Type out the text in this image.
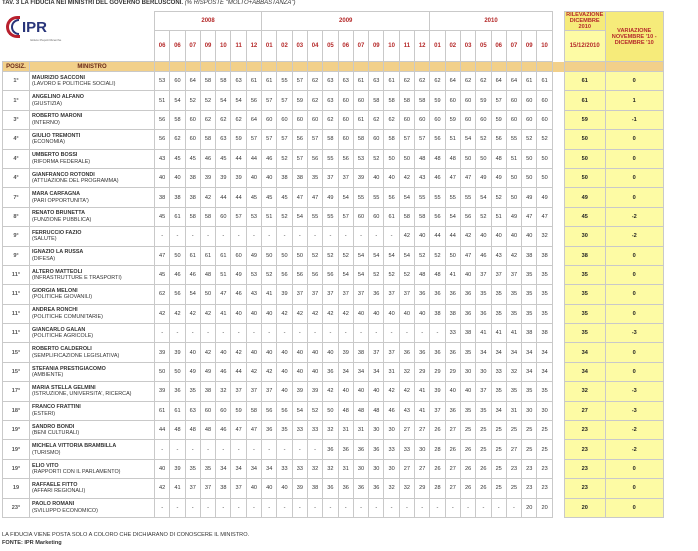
TAV. 3 LA FIDUCIA NEI MINISTRI DEL GOVERNO BERLUSCONI. (% RISPOSTE "MOLTO+ABBASTANZA")
		2008							2009											2010									RILEVAZIONE DICEMBRE 2010	VARIAZIONE NOVEMBRE '10 - DICEMBRE '10
		06	06	07	09	10	11	12	01	02	03	04	05	06	07	09	10	11	12	01	02	03	05	06	07	09	10		15/12/2010	
POSIZ.	MINISTRO																													
1°	MAURIZIO SACCONI
(LAVORO E POLITICHE SOCIALI)	53	60	64	58	58	63	61	61	55	57	62	63	63	61	63	61	62	62	62	64	62	62	64	64	61	61		61	0
1°	ANGELINO ALFANO
(GIUSTIZIA)	51	54	52	52	54	54	56	57	57	59	62	63	60	60	58	58	58	58	59	60	60	59	57	60	60	60		61	1
3°	ROBERTO MARONI
(INTERNO)	56	58	60	62	62	62	64	60	60	60	60	62	60	61	62	62	60	60	60	59	60	60	59	60	60	60		59	-1
4°	GIULIO TREMONTI
(ECONOMIA)	56	62	60	58	63	59	57	57	57	56	57	58	60	58	60	58	57	57	56	51	54	52	56	55	52	52		50	0
4°	UMBERTO BOSSI
(RIFORMA FEDERALE)	43	45	45	46	45	44	44	46	52	57	56	55	56	53	52	50	50	48	48	48	50	50	48	51	50	50		50	0
4°	GIANFRANCO ROTONDI
(ATTUAZIONE DEL PROGRAMMA)	40	40	38	39	39	39	40	40	38	38	35	37	37	39	40	40	42	43	46	47	47	49	49	50	50	50		50	0
7°	MARA CARFAGNA
(PARI OPPORTUNITA')	38	38	38	42	44	44	45	45	45	47	47	49	54	55	55	56	54	55	55	55	55	54	52	50	49	49		49	0
8°	RENATO BRUNETTA
(FUNZIONE PUBBLICA)	45	61	58	58	60	57	53	51	52	54	55	55	57	60	60	61	58	58	56	54	56	52	51	49	47	47		45	-2
9°	FERRUCCIO FAZIO
(SALUTE)	-	-	-	-	-	-	-	-	-	-	-	-	-	-	-	-	42	40	44	44	42	40	40	40	40	32		30	-2
9°	IGNAZIO LA RUSSA
(DIFESA)	47	50	61	61	61	60	49	50	50	50	52	52	52	54	54	54	54	52	52	50	47	46	43	42	38	38		38	0
11°	ALTERO MATTEOLI
(INFRASTRUTTURE E TRASPORTI)	45	46	46	48	51	49	53	52	56	56	56	56	54	54	52	52	52	48	48	41	40	37	37	37	35	35		35	0
11°	GIORGIA MELONI
(POLITICHE GIOVANILI)	62	56	54	50	47	46	43	41	39	37	37	37	37	37	36	37	37	36	36	36	36	35	35	35	35	35		35	0
11°	ANDREA RONCHI
(POLITICHE COMUNITARIE)	42	42	42	42	41	40	40	40	42	42	42	42	42	40	40	40	40	40	38	38	36	36	35	35	35	35		35	0
11°	GIANCARLO GALAN
(POLITICHE AGRICOLE)	-	-	-	-	-	-	-	-	-	-	-	-	-	-	-	-	-	-	-	33	38	41	41	41	38	38		35	-3
15°	ROBERTO CALDEROLI
(SEMPLIFICAZIONE LEGISLATIVA)	39	39	40	42	40	42	40	40	40	40	40	40	39	38	37	37	36	36	36	36	35	34	34	34	34	34		34	0
15°	STEFANIA PRESTIGIACOMO
(AMBIENTE)	50	50	49	49	46	44	42	42	40	40	40	36	34	34	34	31	32	29	29	29	30	30	33	32	34	34		34	0
17°	MARIA STELLA GELMINI
(ISTRUZIONE, UNIVERSITA', RICERCA)	39	36	35	38	32	37	37	37	40	39	39	42	40	40	40	42	42	41	39	40	40	37	35	35	35	35		32	-3
18°	FRANCO FRATTINI
(ESTERI)	61	61	63	60	60	59	58	56	56	54	52	50	48	48	48	46	43	41	37	36	35	35	34	31	30	30		27	-3
19°	SANDRO BONDI
(BENI CULTURALI)	44	48	48	48	46	47	47	36	35	33	33	32	31	31	30	30	27	27	26	27	25	25	25	25	25	25		23	-2
19°	MICHELA VITTORIA BRAMBILLA
(TURISMO)	-	-	-	-	-	-	-	-	-	-	-	36	36	36	36	33	33	30	28	26	26	25	25	27	25	25		23	-2
19°	ELIO VITO
(RAPPORTI CON IL PARLAMENTO)	40	39	35	35	34	34	34	34	33	33	32	32	31	30	30	30	27	27	26	27	26	26	25	23	23	23		23	0
19	RAFFAELE FITTO
(AFFARI REGIONALI)	42	41	37	37	38	37	40	40	40	39	38	36	36	36	36	32	32	29	28	27	26	26	25	25	23	23		23	0
23°	PAOLO ROMANI
(SVILUPPO ECONOMICO)	-	-	-	-	-	-	-	-	-	-	-	-	-	-	-	-	-	-	-	-	-	-	-	-	20	20		20	0
IPR
Istituto Piepoli Ricerche
LA FIDUCIA VIENE POSTA SOLO A COLORO CHE DICHIARANO DI CONOSCERE IL MINISTRO.
FONTE: IPR Marketing
